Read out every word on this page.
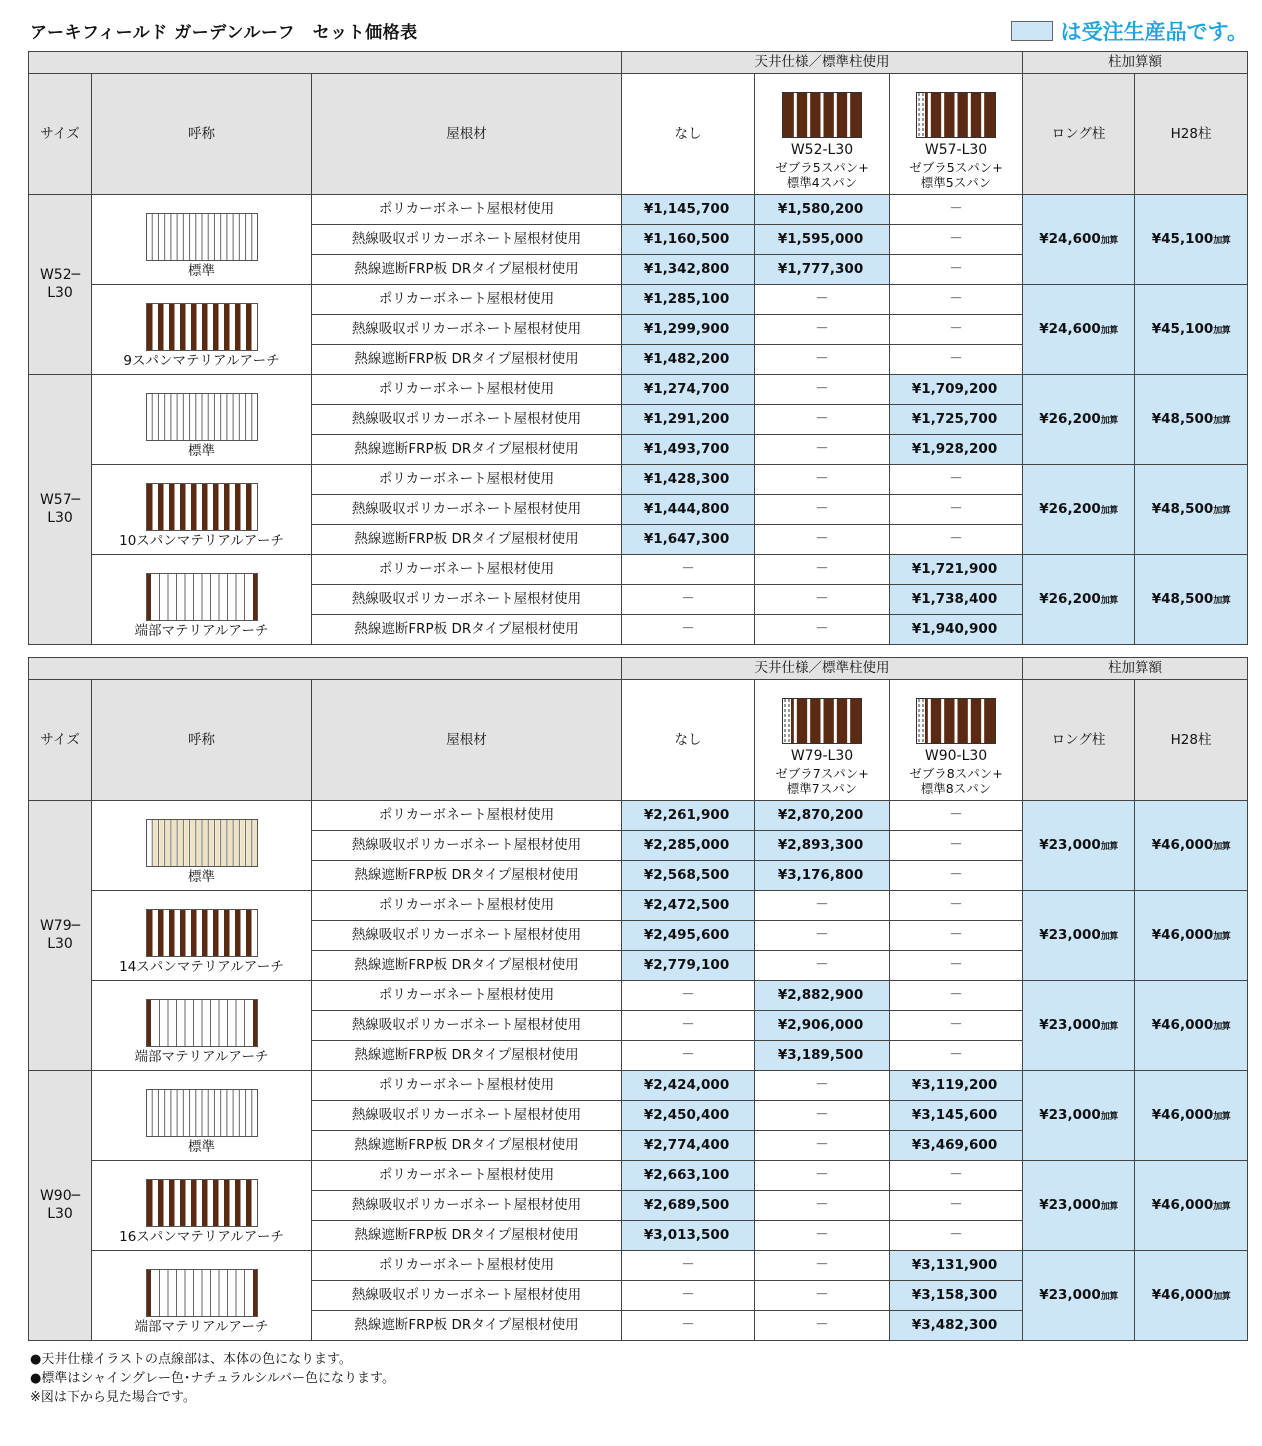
アーキフィールド ガーデンルーフ　セット価格表	は受注生産品です。
			天井仕様／標準柱使用			柱加算額	
サイズ	呼称	屋根材	なし	W52-L30
ゼブラ5スパン+
標準4スパン	W57-L30
ゼブラ5スパン+
標準5スパン	ロング柱	H28柱
W52─
L30	標準	ポリカーボネート屋根材使用	¥1,145,700	¥1,580,200	－	¥24,600加算	¥45,100加算
		熱線吸収ポリカーボネート屋根材使用	¥1,160,500	¥1,595,000	－		
		熱線遮断FRP板 DRタイプ屋根材使用	¥1,342,800	¥1,777,300	－		

	9スパンマテリアルアーチ	ポリカーボネート屋根材使用	¥1,285,100	－	－	¥24,600加算	¥45,100加算
		熱線吸収ポリカーボネート屋根材使用	¥1,299,900	－	－		
		熱線遮断FRP板 DRタイプ屋根材使用	¥1,482,200	－	－		
W57─
L30	標準	ポリカーボネート屋根材使用	¥1,274,700	－	¥1,709,200	¥26,200加算	¥48,500加算
		熱線吸収ポリカーボネート屋根材使用	¥1,291,200	－	¥1,725,700		
		熱線遮断FRP板 DRタイプ屋根材使用	¥1,493,700	－	¥1,928,200		

	10スパンマテリアルアーチ	ポリカーボネート屋根材使用	¥1,428,300	－	－	¥26,200加算	¥48,500加算
		熱線吸収ポリカーボネート屋根材使用	¥1,444,800	－	－		
		熱線遮断FRP板 DRタイプ屋根材使用	¥1,647,300	－	－		

	端部マテリアルアーチ	ポリカーボネート屋根材使用	－	－	¥1,721,900	¥26,200加算	¥48,500加算
		熱線吸収ポリカーボネート屋根材使用	－	－	¥1,738,400		
		熱線遮断FRP板 DRタイプ屋根材使用	－	－	¥1,940,900		
			天井仕様／標準柱使用			柱加算額	
サイズ	呼称	屋根材	なし	W79-L30
ゼブラ7スパン+
標準7スパン	W90-L30
ゼブラ8スパン+
標準8スパン	ロング柱	H28柱
W79─
L30	標準	ポリカーボネート屋根材使用	¥2,261,900	¥2,870,200	－	¥23,000加算	¥46,000加算
		熱線吸収ポリカーボネート屋根材使用	¥2,285,000	¥2,893,300	－		
		熱線遮断FRP板 DRタイプ屋根材使用	¥2,568,500	¥3,176,800	－		

	14スパンマテリアルアーチ	ポリカーボネート屋根材使用	¥2,472,500	－	－	¥23,000加算	¥46,000加算
		熱線吸収ポリカーボネート屋根材使用	¥2,495,600	－	－		
		熱線遮断FRP板 DRタイプ屋根材使用	¥2,779,100	－	－		

	端部マテリアルアーチ	ポリカーボネート屋根材使用	－	¥2,882,900	－	¥23,000加算	¥46,000加算
		熱線吸収ポリカーボネート屋根材使用	－	¥2,906,000	－		
		熱線遮断FRP板 DRタイプ屋根材使用	－	¥3,189,500	－		
W90─
L30	標準	ポリカーボネート屋根材使用	¥2,424,000	－	¥3,119,200	¥23,000加算	¥46,000加算
		熱線吸収ポリカーボネート屋根材使用	¥2,450,400	－	¥3,145,600		
		熱線遮断FRP板 DRタイプ屋根材使用	¥2,774,400	－	¥3,469,600		

	16スパンマテリアルアーチ	ポリカーボネート屋根材使用	¥2,663,100	－	－	¥23,000加算	¥46,000加算
		熱線吸収ポリカーボネート屋根材使用	¥2,689,500	－	－		
		熱線遮断FRP板 DRタイプ屋根材使用	¥3,013,500	－	－		

	端部マテリアルアーチ	ポリカーボネート屋根材使用	－	－	¥3,131,900	¥23,000加算	¥46,000加算
		熱線吸収ポリカーボネート屋根材使用	－	－	¥3,158,300		
		熱線遮断FRP板 DRタイプ屋根材使用	－	－	¥3,482,300		
●天井仕様イラストの点線部は、本体の色になります。
●標準はシャイングレー色･ナチュラルシルバー色になります。
※図は下から見た場合です。
